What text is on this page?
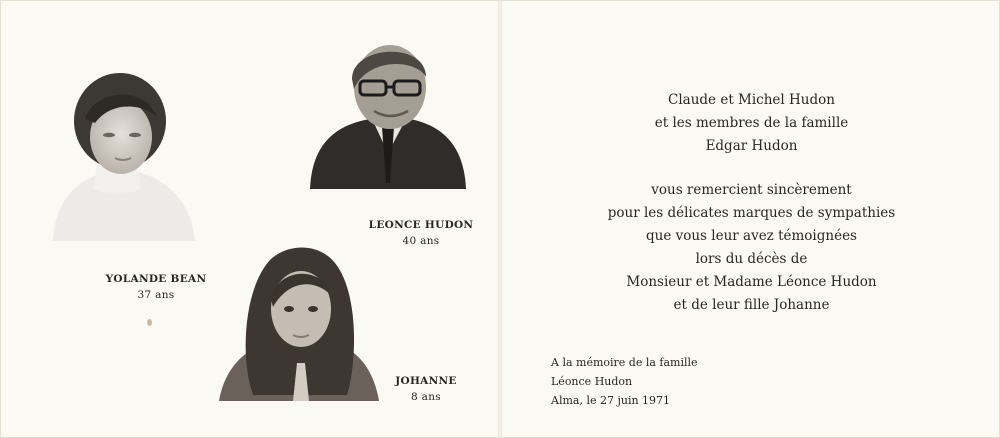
YOLANDE BEAN
37 ans
LEONCE HUDON
40 ans
JOHANNE
8 ans
Claude et Michel Hudon
et les membres de la famille
Edgar Hudon
vous remercient sincèrement
pour les délicates marques de sympathies
que vous leur avez témoignées
lors du décès de
Monsieur et Madame Léonce Hudon
et de leur fille Johanne
A la mémoire de la famille
Léonce Hudon
Alma, le 27 juin 1971
